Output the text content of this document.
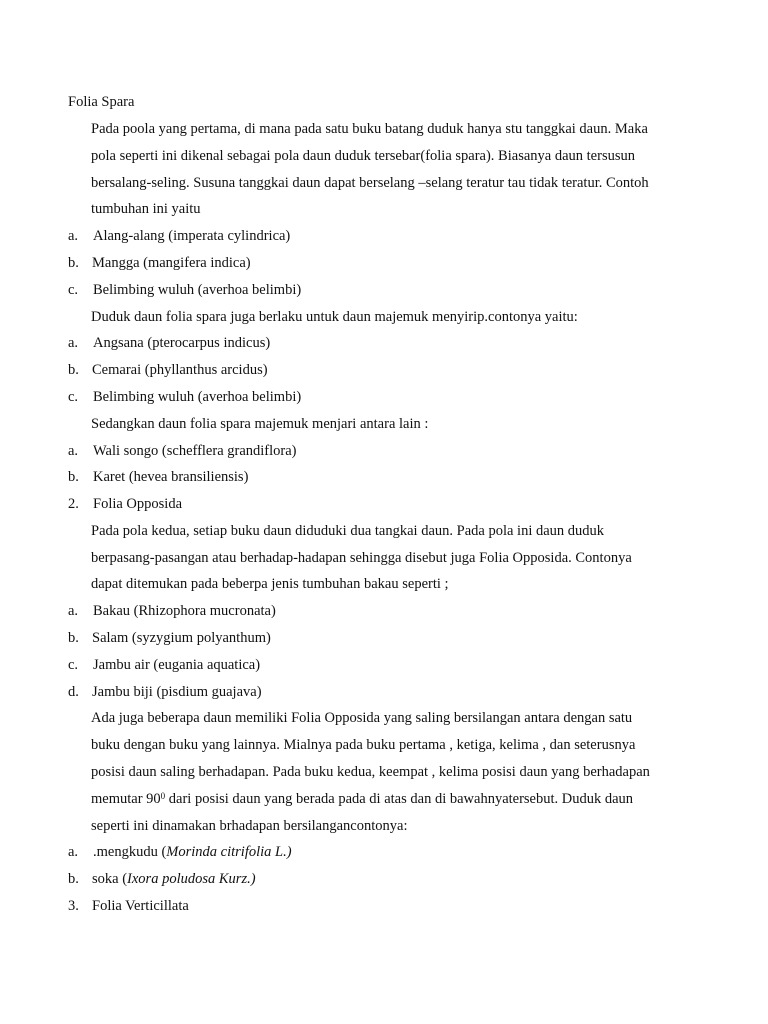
Folia Spara
Pada poola yang pertama, di mana pada satu buku batang duduk hanya stu tanggkai daun. Maka
pola seperti ini dikenal sebagai pola daun duduk tersebar(folia spara). Biasanya daun tersusun
bersalang-seling. Susuna tanggkai daun dapat berselang –selang teratur tau tidak teratur. Contoh
tumbuhan ini yaitu
a. Alang-alang (imperata cylindrica)
b. Mangga (mangifera indica)
c. Belimbing wuluh (averhoa belimbi)
Duduk daun folia spara juga berlaku untuk daun majemuk menyirip.contonya yaitu:
a. Angsana (pterocarpus indicus)
b. Cemarai (phyllanthus arcidus)
c. Belimbing wuluh (averhoa belimbi)
Sedangkan daun folia spara majemuk menjari antara lain :
a. Wali songo (schefflera grandiflora)
b. Karet (hevea bransiliensis)
2. Folia Opposida
Pada pola kedua, setiap buku daun diduduki dua tangkai daun. Pada pola ini daun duduk
berpasang-pasangan atau berhadap-hadapan sehingga disebut juga Folia Opposida. Contonya
dapat ditemukan pada beberpa jenis tumbuhan bakau seperti ;
a. Bakau (Rhizophora mucronata)
b. Salam (syzygium polyanthum)
c. Jambu air (eugania aquatica)
d. Jambu biji (pisdium guajava)
Ada juga beberapa daun memiliki Folia Opposida yang saling bersilangan antara dengan satu
buku dengan buku yang lainnya. Mialnya pada buku pertama , ketiga, kelima , dan seterusnya
posisi daun saling berhadapan. Pada buku kedua, keempat , kelima posisi daun yang berhadapan
memutar $90^0$ dari posisi daun yang berada pada di atas dan di bawahnyatersebut. Duduk daun
seperti ini dinamakan brhadapan bersilangancontonya:
a. .mengkudu (Morinda citrifolia L.)
b. soka (Ixora poludosa Kurz.)
3. Folia Verticillata
